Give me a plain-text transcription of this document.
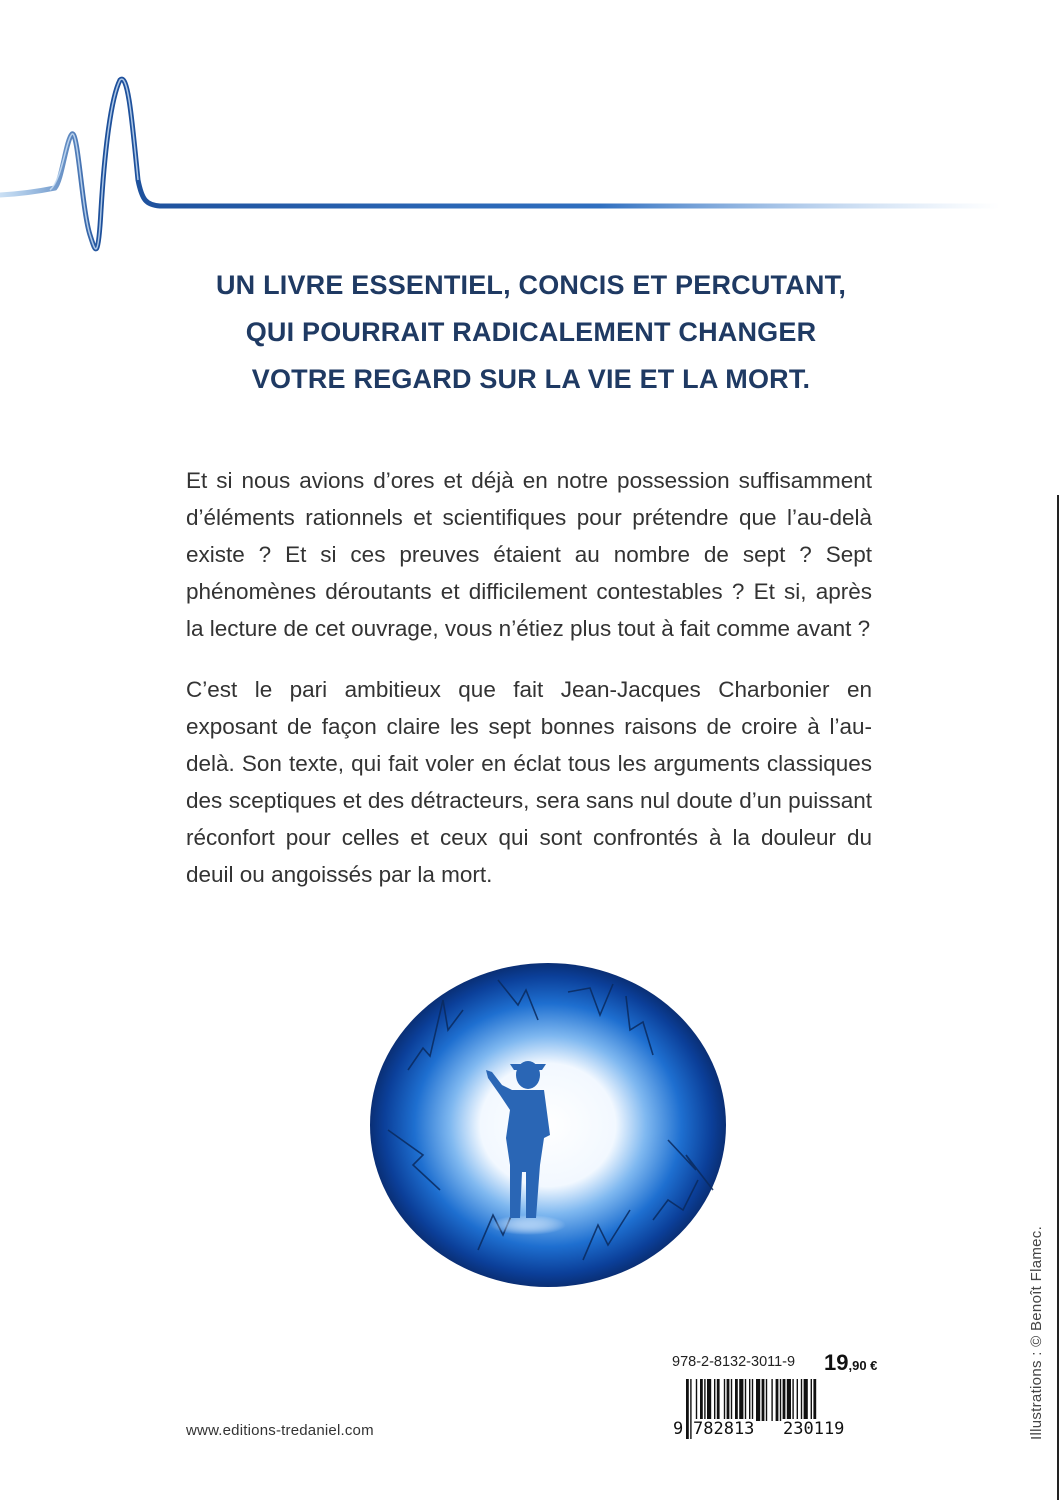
UN LIVRE ESSENTIEL, CONCIS ET PERCUTANT,
QUI POURRAIT RADICALEMENT CHANGER
VOTRE REGARD SUR LA VIE ET LA MORT.

Et si nous avions d’ores et déjà en notre possession suffisamment d’éléments rationnels et scientifiques pour prétendre que l’au-delà existe ? Et si ces preuves étaient au nombre de sept ? Sept phénomènes déroutants et difficilement contestables ? Et si, après la lecture de cet ouvrage, vous n’étiez plus tout à fait comme avant ?

C’est le pari ambitieux que fait Jean-Jacques Charbonier en exposant de façon claire les sept bonnes raisons de croire à l’au-delà. Son texte, qui fait voler en éclat tous les arguments classiques des sceptiques et des détracteurs, sera sans nul doute d’un puissant réconfort pour celles et ceux qui sont confrontés à la douleur du deuil ou angoissés par la mort.

Illustrations : © Benoît Flamec.
978-2-8132-3011-9 19,90 €
9 782813 230119
www.editions-tredaniel.com
